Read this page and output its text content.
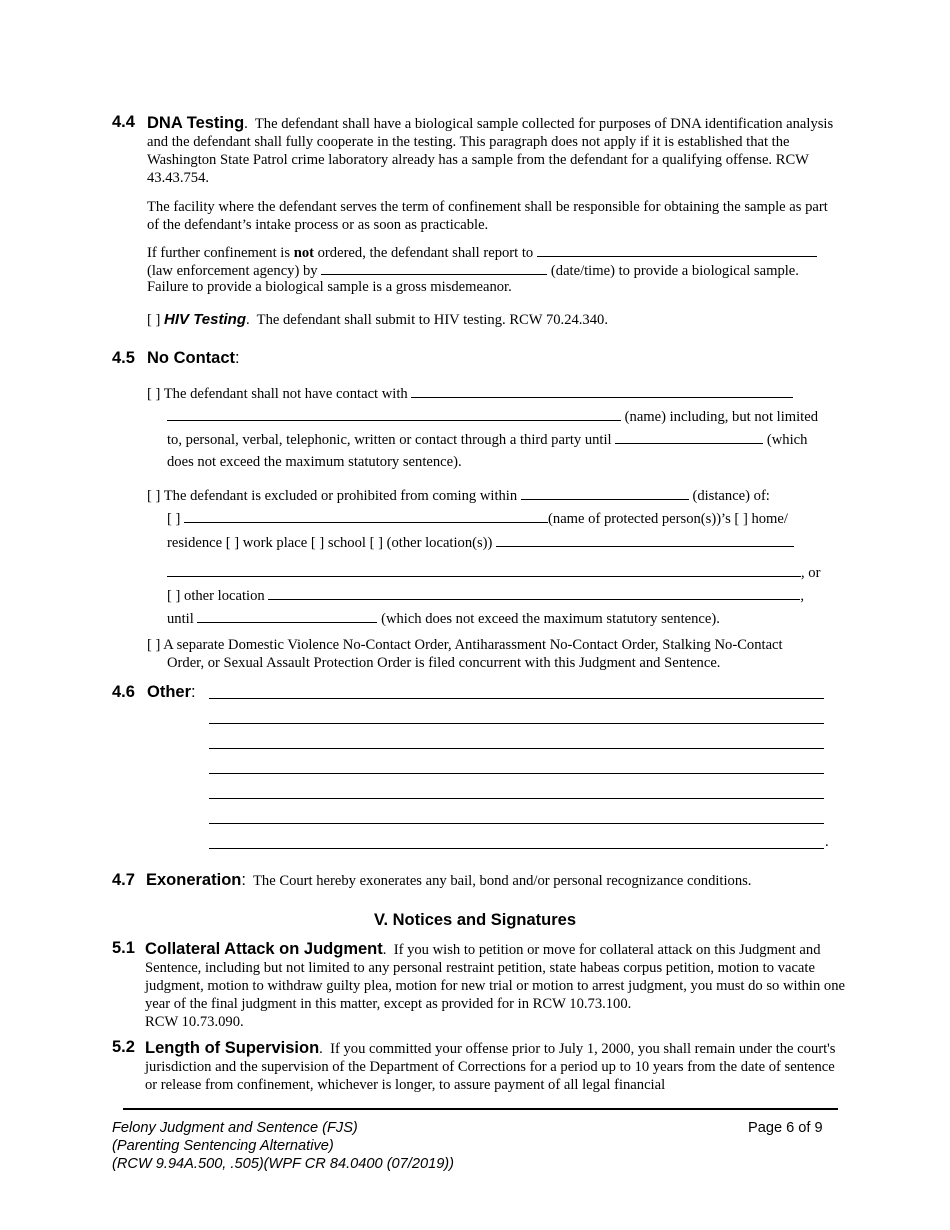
4.4 DNA Testing.  The defendant shall have a biological sample collected for purposes of DNA identification analysis and the defendant shall fully cooperate in the testing. This paragraph does not apply if it is established that the Washington State Patrol crime laboratory already has a sample from the defendant for a qualifying offense. RCW 43.43.754.
The facility where the defendant serves the term of confinement shall be responsible for obtaining the sample as part of the defendant’s intake process or as soon as practicable.
If further confinement is not ordered, the defendant shall report to
(law enforcement agency) by	(date/time) to provide a biological sample.
Failure to provide a biological sample is a gross misdemeanor.
[ ] HIV Testing.  The defendant shall submit to HIV testing. RCW 70.24.340.
4.5 No Contact:
[ ] The defendant shall not have contact with
(name) including, but not limited
to, personal, verbal, telephonic, written or contact through a third party until	(which
does not exceed the maximum statutory sentence).
[ ] The defendant is excluded or prohibited from coming within	(distance) of:
[ ]	(name of protected person(s))’s [ ] home/
residence [ ] work place [ ] school [ ] (other location(s))
, or
[ ] other location	,
until	(which does not exceed the maximum statutory sentence).
[ ] A separate Domestic Violence No-Contact Order, Antiharassment No-Contact Order, Stalking No-Contact
Order, or Sexual Assault Protection Order is filed concurrent with this Judgment and Sentence.
4.6 Other:
.
4.7 Exoneration: The Court hereby exonerates any bail, bond and/or personal recognizance conditions.
V. Notices and Signatures
5.1 Collateral Attack on Judgment.  If you wish to petition or move for collateral attack on this Judgment and Sentence, including but not limited to any personal restraint petition, state habeas corpus petition, motion to vacate judgment, motion to withdraw guilty plea, motion for new trial or motion to arrest judgment, you must do so within one year of the final judgment in this matter, except as provided for in RCW 10.73.100.
RCW 10.73.090.
5.2 Length of Supervision.  If you committed your offense prior to July 1, 2000, you shall remain under the court's jurisdiction and the supervision of the Department of Corrections for a period up to 10 years from the date of sentence or release from confinement, whichever is longer, to assure payment of all legal financial
Felony Judgment and Sentence (FJS)
(Parenting Sentencing Alternative)
(RCW 9.94A.500, .505)(WPF CR 84.0400 (07/2019))
Page 6 of 9
